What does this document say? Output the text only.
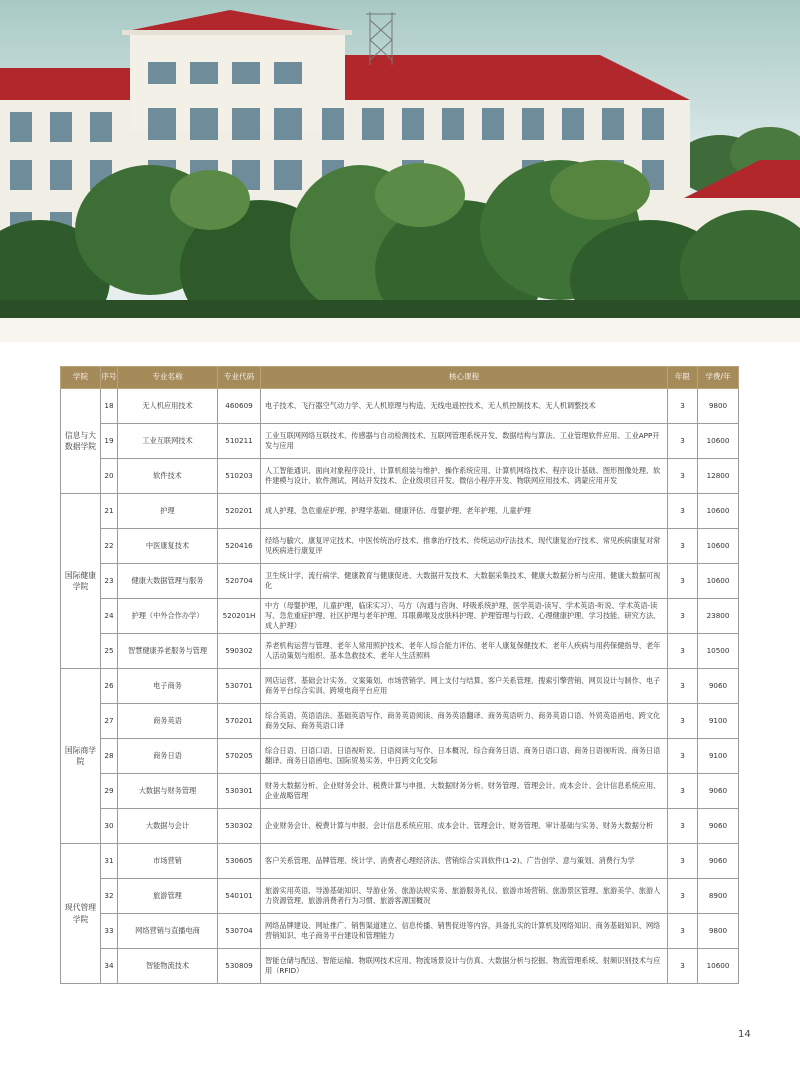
学院	序号	专业名称	专业代码	核心课程	年限	学费/年
信息与大数据学院	18	无人机应用技术	460609	电子技术、飞行器空气动力学、无人机原理与构造、无线电遥控技术、无人机控制技术、无人机调整技术	3	9800
	19	工业互联网技术	510211	工业互联网网络互联技术、传感器与自动检测技术、互联网管理系统开发、数据结构与算法、工业管理软件应用、工业APP开发与应用	3	10600
	20	软件技术	510203	人工智能通识、面向对象程序设计、计算机组装与维护、操作系统应用、计算机网络技术、程序设计基础、图形图像处理、软件建模与设计、软件测试、网站开发技术、企业级项目开发、微信小程序开发、物联网应用技术、鸿蒙应用开发	3	12800
国际健康学院	21	护理	520201	成人护理、急危重症护理、护理学基础、健康评估、母婴护理、老年护理、儿童护理	3	10600
	22	中医康复技术	520416	经络与腧穴、康复评定技术、中医传统治疗技术、推拿治疗技术、传统运动疗法技术、现代康复治疗技术、常见疾病康复对常见疾病进行康复评	3	10600
	23	健康大数据管理与服务	520704	卫生统计学、流行病学、健康教育与健康促进、大数据开发技术、大数据采集技术、健康大数据分析与应用、健康大数据可视化	3	10600
	24	护理（中外合作办学）	520201H	中方（母婴护理，儿童护理，临床实习）、马方（沟通与咨询、呼吸系统护理、医学英语-读写、学术英语-听说、学术英语-读写、急危重症护理、社区护理与老年护理、耳眼鼻喉及皮肤科护理、护理管理与行政、心理健康护理、学习技能、研究方法、成人护理）	3	23800
	25	智慧健康养老服务与管理	590302	养老机构运营与管理、老年人常用照护技术、老年人综合能力评估、老年人康复保健技术、老年人疾病与用药保健指导、老年人活动策划与组织、基本急救技术、老年人生活照料	3	10500
国际商学院	26	电子商务	530701	网店运营、基础会计实务、文案策划、市场营销学、网上支付与结算、客户关系管理、搜索引擎营销、网页设计与制作、电子商务平台综合实训、跨境电商平台应用	3	9060
	27	商务英语	570201	综合英语、英语语法、基础英语写作、商务英语阅读、商务英语翻译、商务英语听力、商务英语口语、外贸英语函电、跨文化商务交际、商务英语口译	3	9100
	28	商务日语	570205	综合日语、日语口语、日语视听说、日语阅读与写作、日本概况、综合商务日语、商务日语口语、商务日语视听说、商务日语翻译、商务日语函电、国际贸易实务、中日跨文化交际	3	9100
	29	大数据与财务管理	530301	财务大数据分析、企业财务会计、税费计算与申报、大数据财务分析、财务管理、管理会计、成本会计、会计信息系统应用、企业战略管理	3	9060
	30	大数据与会计	530302	企业财务会计、税费计算与申报、会计信息系统应用、成本会计、管理会计、财务管理、审计基础与实务、财务大数据分析	3	9060
现代管理学院	31	市场营销	530605	客户关系管理、品牌管理、统计学、消费者心理经济法、营销综合实训软件(1-2)、广告创学、意与策划、消费行为学	3	9060
	32	旅游管理	540101	旅游实用英语、导游基础知识、导游业务、旅游法规实务、旅游服务礼仪、旅游市场营销、旅游景区管理、旅游美学、旅游人力资源管理、旅游消费者行为习惯、旅游客源国概况	3	8900
	33	网络营销与直播电商	530704	网络品牌建设、网址推广、销售渠道建立、信息传播、销售促进等内容，具备扎实的计算机及网络知识、商务基础知识、网络营销知识、电子商务平台建设和管理能力	3	9800
	34	智能物流技术	530809	智能仓储与配送、智能运输、物联网技术应用、物流场景设计与仿真、大数据分析与挖掘、物流管理系统、射频识别技术与应用（RFID）	3	10600
14
